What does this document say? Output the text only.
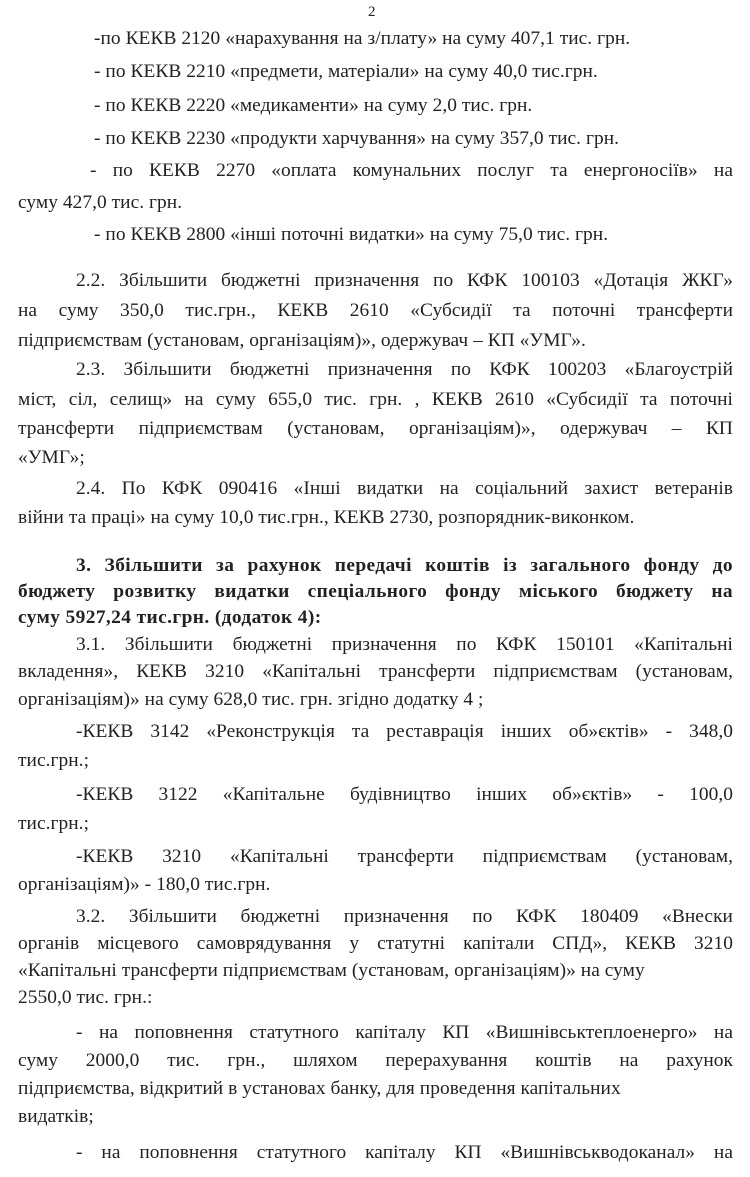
2
-по КЕКВ 2120 «нарахування на з/плату» на суму 407,1 тис. грн.
- по КЕКВ 2210 «предмети, матеріали» на суму 40,0 тис.грн.
- по КЕКВ 2220 «медикаменти» на суму 2,0 тис. грн.
- по КЕКВ 2230 «продукти харчування» на суму 357,0 тис. грн.
- по КЕКВ 2270 «оплата комунальних послуг та енергоносіїв» на
суму 427,0 тис. грн.
- по КЕКВ 2800 «інші поточні видатки» на суму 75,0 тис. грн.
2.2. Збільшити бюджетні призначення по КФК 100103 «Дотація ЖКГ»
на суму 350,0 тис.грн., КЕКВ 2610 «Субсидії та поточні трансферти
підприємствам (установам, організаціям)», одержувач – КП «УМГ».
2.3. Збільшити бюджетні призначення по КФК 100203 «Благоустрій
міст, сіл, селищ» на суму 655,0 тис. грн. , КЕКВ 2610 «Субсидії та поточні
трансферти підприємствам (установам, організаціям)», одержувач – КП
«УМГ»;
2.4. По КФК 090416 «Інші видатки на соціальний захист ветеранів
війни та праці» на суму 10,0 тис.грн., КЕКВ 2730, розпорядник-виконком.
3. Збільшити за рахунок передачі коштів із загального фонду до
бюджету розвитку видатки спеціального фонду міського бюджету на
суму 5927,24 тис.грн. (додаток 4):
3.1. Збільшити бюджетні призначення по КФК 150101 «Капітальні
вкладення», КЕКВ 3210 «Капітальні трансферти підприємствам (установам,
організаціям)» на суму 628,0 тис. грн. згідно додатку 4 ;
-КЕКВ 3142 «Реконструкція та реставрація інших об»єктів» - 348,0
тис.грн.;
-КЕКВ 3122 «Капітальне будівництво інших об»єктів» - 100,0
тис.грн.;
-КЕКВ 3210 «Капітальні трансферти підприємствам (установам,
організаціям)» - 180,0 тис.грн.
3.2. Збільшити бюджетні призначення по КФК 180409 «Внески
органів місцевого самоврядування у статутні капітали СПД», КЕКВ 3210
«Капітальні трансферти підприємствам (установам, організаціям)» на суму
2550,0 тис. грн.:
- на поповнення статутного капіталу КП «Вишнівськтеплоенерго» на
суму 2000,0 тис. грн., шляхом перерахування коштів на рахунок
підприємства, відкритий в установах банку, для проведення капітальних
видатків;
- на поповнення статутного капіталу КП «Вишнівськводоканал» на
